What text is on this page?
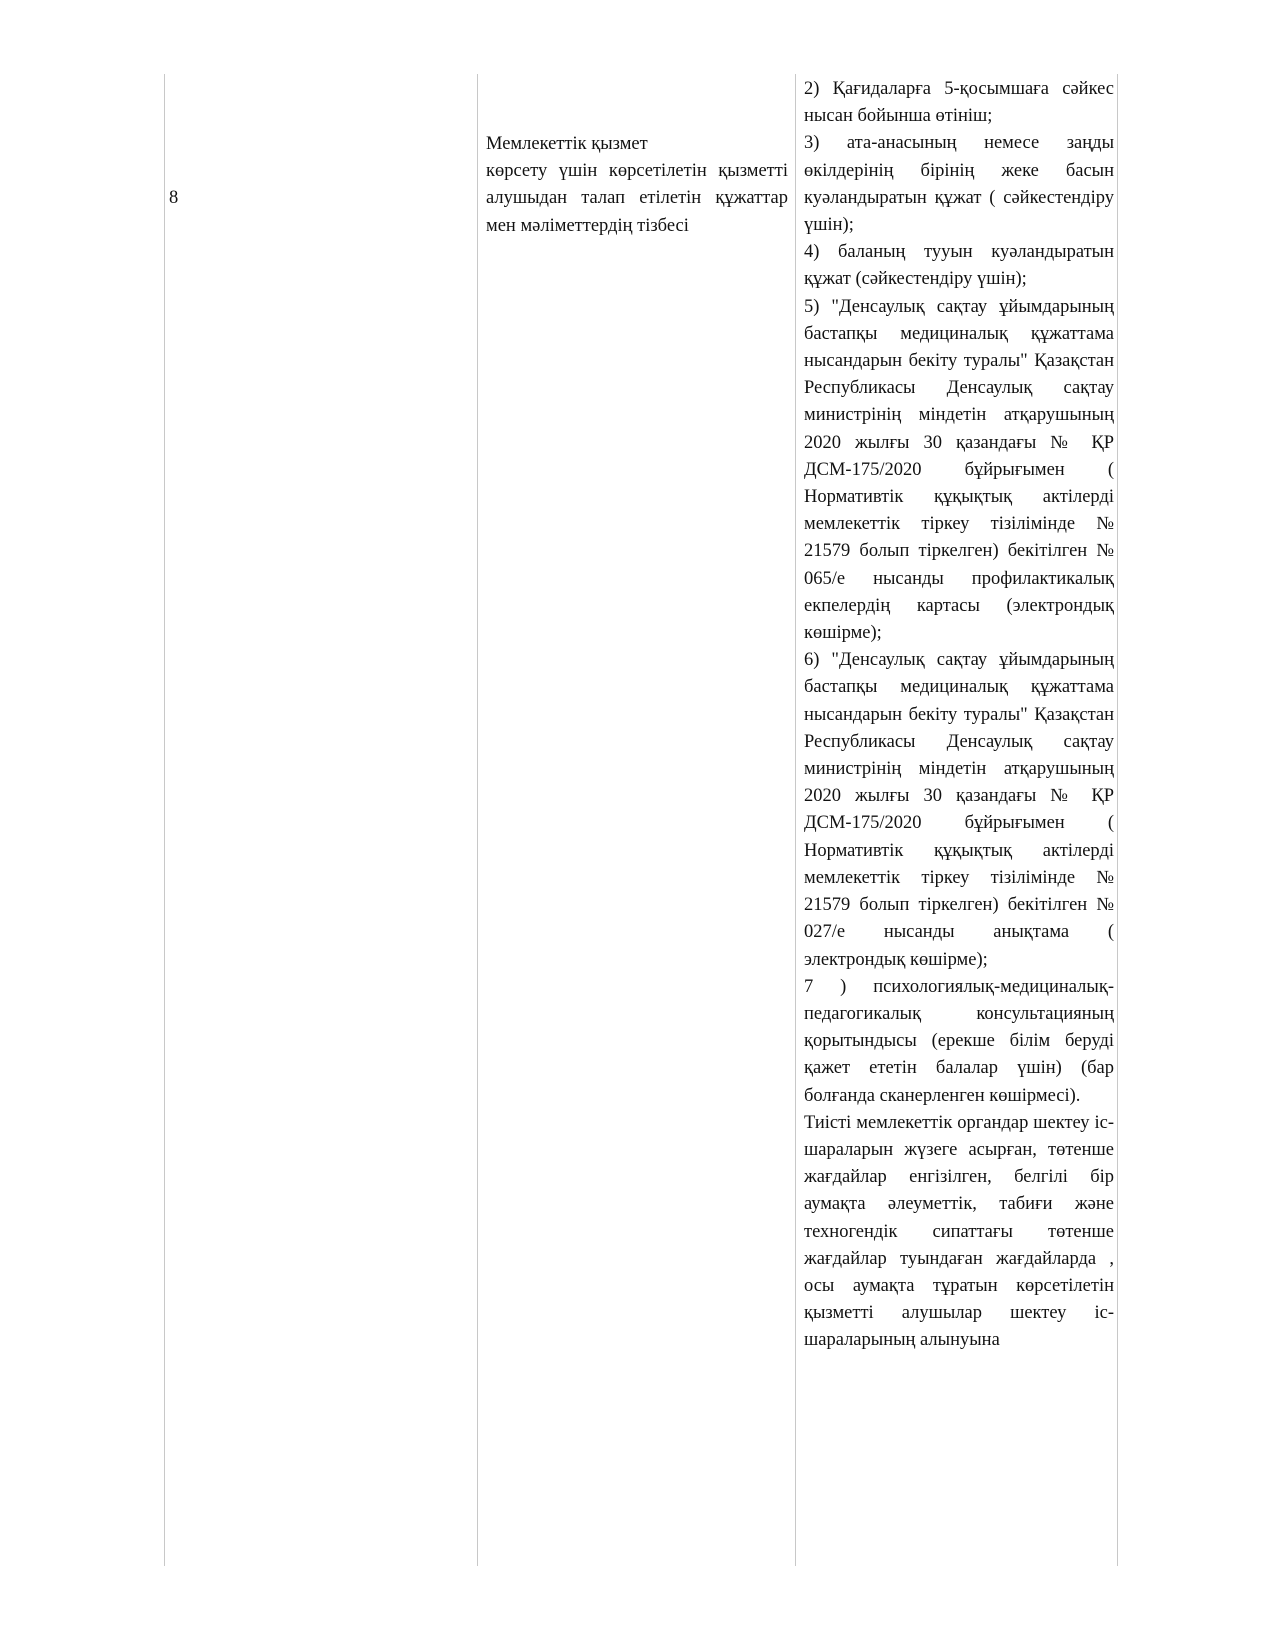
8
Мемлекеттік қызмет
көрсету үшін көрсетілетін қызметті алушыдан талап етілетін құжаттар мен мәліметтердің тізбесі

2) Қағидаларға 5-қосымшаға сәйкес нысан бойынша өтініш;

3) ата-анасының немесе заңды өкілдерінің бірінің жеке басын куәландыратын құжат ( сәйкестендіру үшін);

4) баланың тууын куәландыратын құжат (сәйкестендіру үшін);

5) "Денсаулық сақтау ұйымдарының бастапқы медициналық құжаттама нысандарын бекіту туралы" Қазақстан Республикасы Денсаулық сақтау министрінің міндетін атқарушының 2020 жылғы 30 қазандағы № ҚР ДСМ-175/2020 бұйрығымен ( Нормативтік құқықтық актілерді мемлекеттік тіркеу тізілімінде № 21579 болып тіркелген) бекітілген № 065/е нысанды профилактикалық екпелердің картасы (электрондық көшірме);

6) "Денсаулық сақтау ұйымдарының бастапқы медициналық құжаттама нысандарын бекіту туралы" Қазақстан Республикасы Денсаулық сақтау министрінің міндетін атқарушының 2020 жылғы 30 қазандағы № ҚР ДСМ-175/2020 бұйрығымен ( Нормативтік құқықтық актілерді мемлекеттік тіркеу тізілімінде № 21579 болып тіркелген) бекітілген № 027/е нысанды анықтама ( электрондық көшірме);

7 ) психологиялық-медициналық-педагогикалық консультацияның қорытындысы (ерекше білім беруді қажет ететін балалар үшін) (бар болғанда сканерленген көшірмесі).

Тиісті мемлекеттік органдар шектеу іс-шараларын жүзеге асырған, төтенше жағдайлар енгізілген, белгілі бір аумақта әлеуметтік, табиғи және техногендік сипаттағы төтенше жағдайлар туындаған жағдайларда , осы аумақта тұратын көрсетілетін қызметті алушылар шектеу іс-шараларының алынуына
